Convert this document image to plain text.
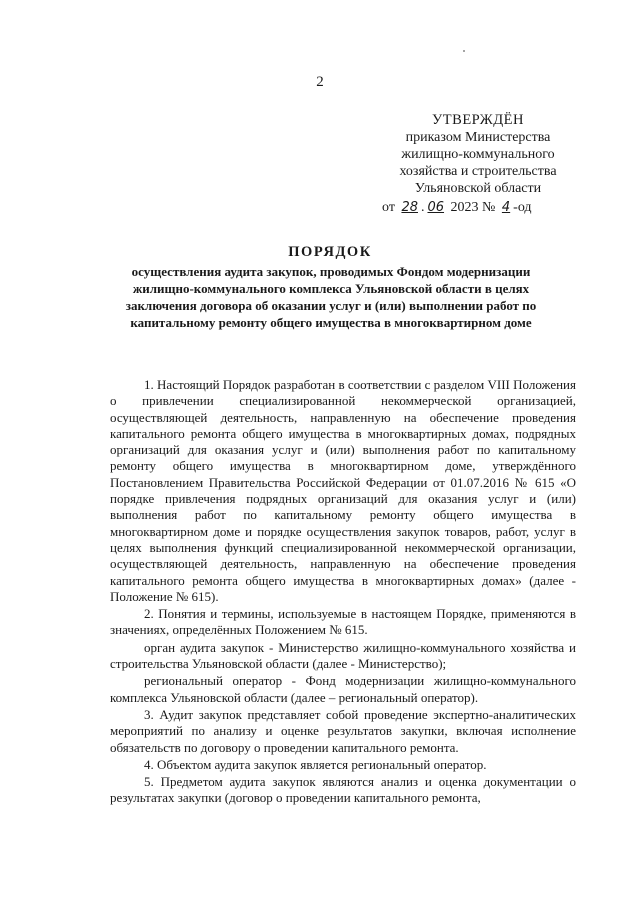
2
УТВЕРЖДЁН
приказом Министерства
жилищно-коммунального
хозяйства и строительства
Ульяновской области
от 28 . 06 2023 № 4 -од
ПОРЯДОК
осуществления аудита закупок, проводимых Фондом модернизации жилищно-коммунального комплекса Ульяновской области в целях заключения договора об оказании услуг и (или) выполнении работ по капитальному ремонту общего имущества в многоквартирном доме

1. Настоящий Порядок разработан в соответствии с разделом VIII Положения о привлечении специализированной некоммерческой организацией, осуществляющей деятельность, направленную на обеспечение проведения капитального ремонта общего имущества в многоквартирных домах, подрядных организаций для оказания услуг и (или) выполнения работ по капитальному ремонту общего имущества в многоквартирном доме, утверждённого Постановлением Правительства Российской Федерации от 01.07.2016 № 615 «О порядке привлечения подрядных организаций для оказания услуг и (или) выполнения работ по капитальному ремонту общего имущества в многоквартирном доме и порядке осуществления закупок товаров, работ, услуг в целях выполнения функций специализированной некоммерческой организации, осуществляющей деятельность, направленную на обеспечение проведения капитального ремонта общего имущества в многоквартирных домах» (далее - Положение № 615).

2. Понятия и термины, используемые в настоящем Порядке, применяются в значениях, определённых Положением № 615.

орган аудита закупок - Министерство жилищно-коммунального хозяйства и строительства Ульяновской области (далее - Министерство);

региональный оператор - Фонд модернизации жилищно-коммунального комплекса Ульяновской области (далее – региональный оператор).

3. Аудит закупок представляет собой проведение экспертно-аналитических мероприятий по анализу и оценке результатов закупки, включая исполнение обязательств по договору о проведении капитального ремонта.

4. Объектом аудита закупок является региональный оператор.

5. Предметом аудита закупок являются анализ и оценка документации о результатах закупки (договор о проведении капитального ремонта,
